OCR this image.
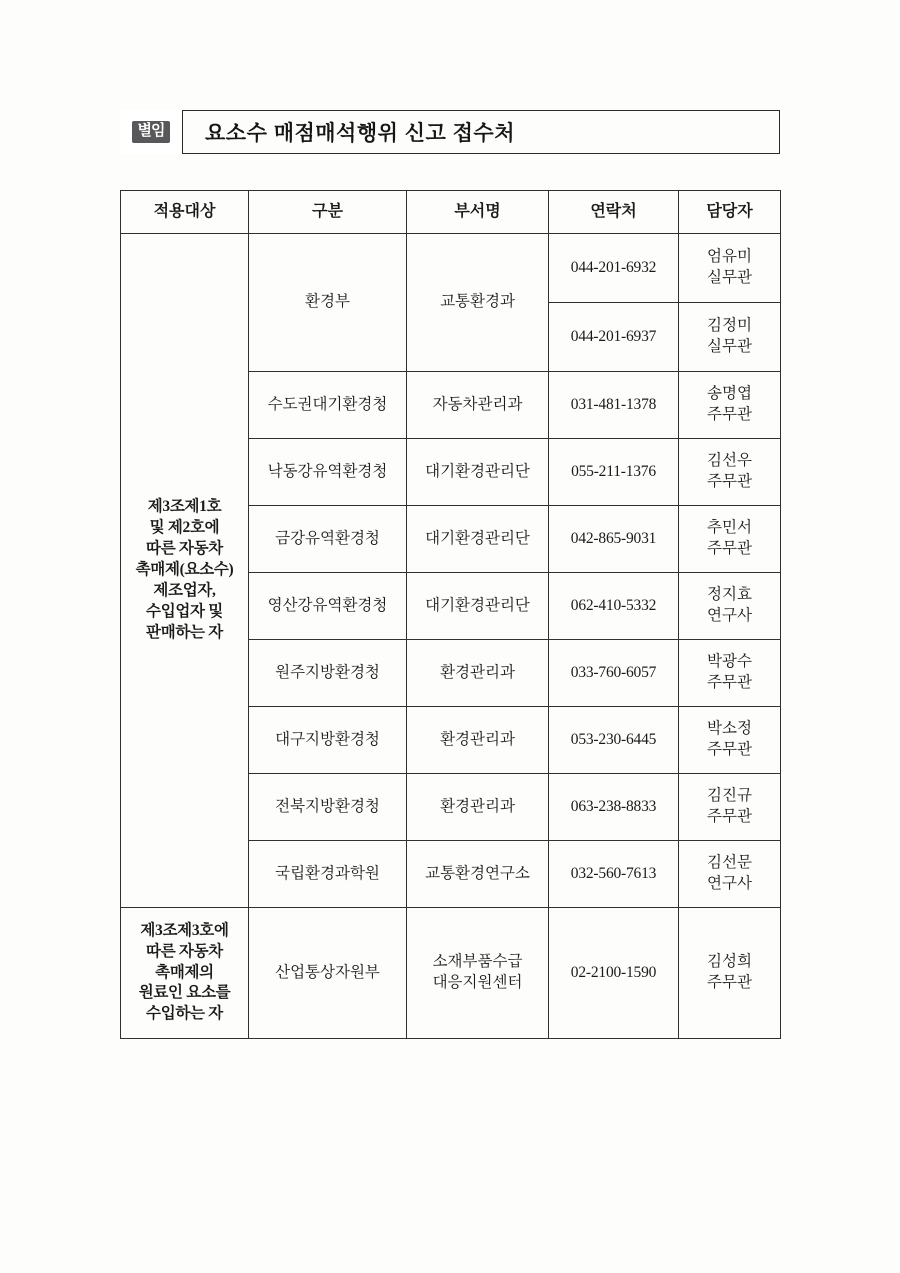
별임 요소수 매점매석행위 신고 접수처
적용대상	구분	부서명	연락처	담당자

제3조제1호
및 제2호에
따른 자동차
촉매제(요소수)
제조업자,
수입업자 및
판매하는 자
	환경부	교통환경과	044-201-6932	
엄유미
실무관

			044-201-6937	김정미
실무관

	수도권대기환경청	자동차관리과	031-481-1378	송명엽
주무관

	낙동강유역환경청	대기환경관리단	055-211-1376	김선우
주무관

	금강유역환경청	대기환경관리단	042-865-9031	추민서
주무관

	영산강유역환경청	대기환경관리단	062-410-5332	정지효
연구사

	원주지방환경청	환경관리과	033-760-6057	박광수
주무관

	대구지방환경청	환경관리과	053-230-6445	박소정
주무관

	전북지방환경청	환경관리과	063-238-8833	김진규
주무관

	국립환경과학원	교통환경연구소	032-560-7613	김선문
연구사

제3조제3호에
따른 자동차
촉매제의
원료인 요소를
수입하는 자	산업통상자원부	소재부품수급
대응지원센터	02-2100-1590	김성희
주무관
